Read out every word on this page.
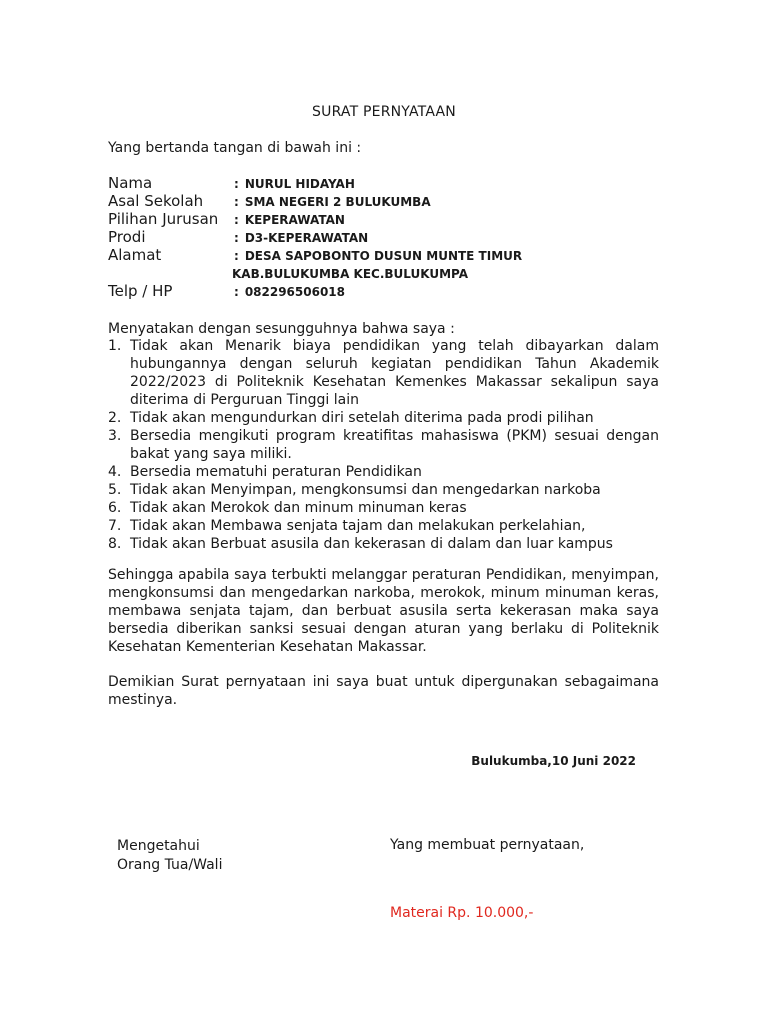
SURAT PERNYATAAN
Yang bertanda tangan di bawah ini :
Nama	: NURUL HIDAYAH
Asal Sekolah	: SMA NEGERI 2 BULUKUMBA
Pilihan Jurusan : KEPERAWATAN
Prodi	: D3-KEPERAWATAN
Alamat	: DESA SAPOBONTO DUSUN MUNTE TIMUR
KAB.BULUKUMBA KEC.BULUKUMPA
Telp / HP	: 082296506018
Menyatakan dengan sesungguhnya bahwa saya :
1. Tidak akan Menarik biaya pendidikan yang telah dibayarkan dalam hubungannya dengan seluruh kegiatan pendidikan Tahun Akademik 2022/2023 di Politeknik Kesehatan Kemenkes Makassar sekalipun saya diterima di Perguruan Tinggi lain
2. Tidak akan mengundurkan diri setelah diterima pada prodi pilihan
3. Bersedia mengikuti program kreatifitas mahasiswa (PKM) sesuai dengan bakat yang saya miliki.
4. Bersedia mematuhi peraturan Pendidikan
5. Tidak akan Menyimpan, mengkonsumsi dan mengedarkan narkoba
6. Tidak akan Merokok dan minum minuman keras
7. Tidak akan Membawa senjata tajam dan melakukan perkelahian,
8. Tidak akan Berbuat asusila dan kekerasan di dalam dan luar kampus
Sehingga apabila saya terbukti melanggar peraturan Pendidikan, menyimpan, mengkonsumsi dan mengedarkan narkoba, merokok, minum minuman keras, membawa senjata tajam, dan berbuat asusila serta kekerasan maka saya bersedia diberikan sanksi sesuai dengan aturan yang berlaku di Politeknik Kesehatan Kementerian Kesehatan Makassar.
Demikian Surat pernyataan ini saya buat untuk dipergunakan sebagaimana mestinya.
Bulukumba,10 Juni 2022
Mengetahui
Orang Tua/Wali
Yang membuat pernyataan,
Materai Rp. 10.000,-
